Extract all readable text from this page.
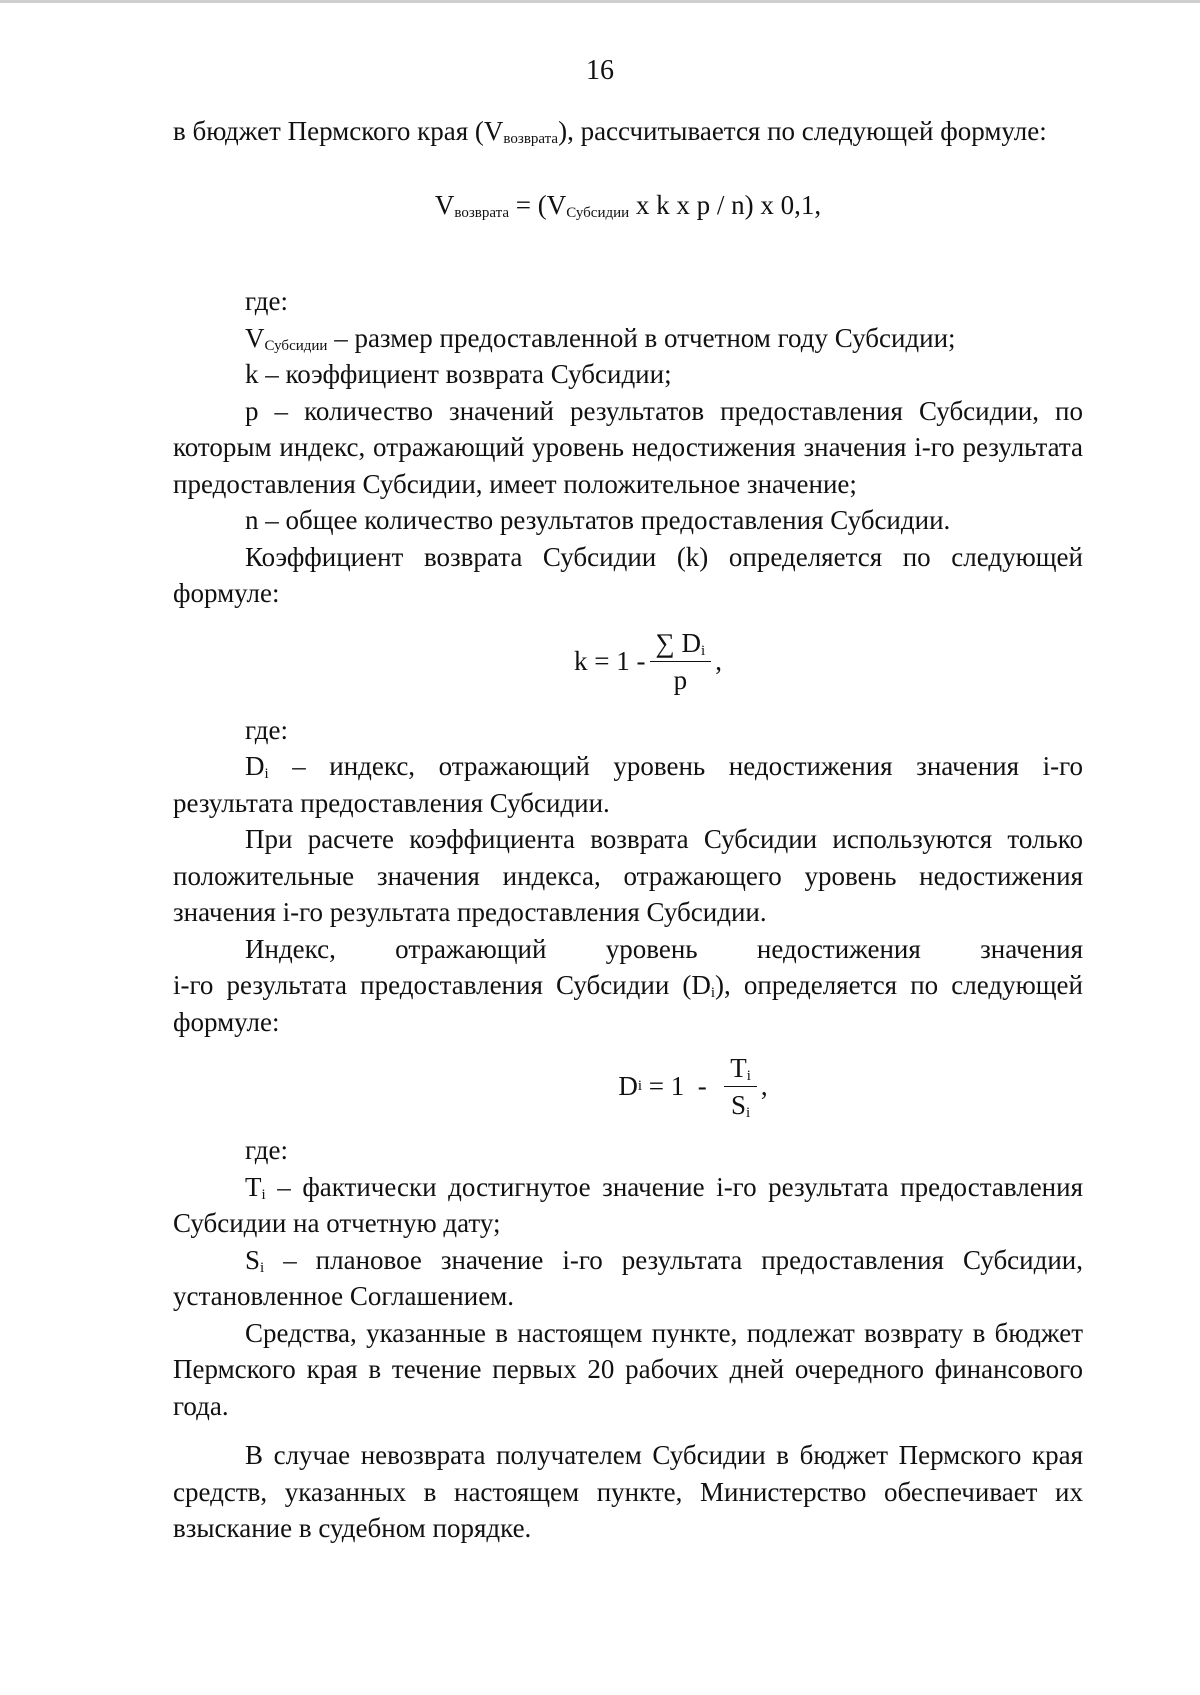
16

в бюджет Пермского края $(V_{возврата})$, рассчитывается по следующей формуле:

$V_{возврата} = (V_{Субсидии}$ x k x p / n) x 0,1,

где:

$V_{Субсидии}$ – размер предоставленной в отчетном году Субсидии;

k – коэффициент возврата Субсидии;

p – количество значений результатов предоставления Субсидии, по которым индекс, отражающий уровень недостижения значения i-го результата предоставления Субсидии, имеет положительное значение;

n – общее количество результатов предоставления Субсидии.

Коэффициент возврата Субсидии (k) определяется по следующей формуле:

$k = 1 - \frac{\sum D_i}{p}$ ,

где:

$D_i$ – индекс, отражающий уровень недостижения значения i-го результата предоставления Субсидии.

При расчете коэффициента возврата Субсидии используются только положительные значения индекса, отражающего уровень недостижения значения i-го результата предоставления Субсидии.

Индекс, отражающий уровень недостижения значения

i-го результата предоставления Субсидии $(D_i)$, определяется по следующей формуле:

D $i = 1 - \frac{T_i}{S_i}$ ,

где:

$T_i$ – фактически достигнутое значение i-го результата предоставления Субсидии на отчетную дату;

$S_i$ – плановое значение i-го результата предоставления Субсидии, установленное Соглашением.

Средства, указанные в настоящем пункте, подлежат возврату в бюджет Пермского края в течение первых 20 рабочих дней очередного финансового года.

В случае невозврата получателем Субсидии в бюджет Пермского края средств, указанных в настоящем пункте, Министерство обеспечивает их взыскание в судебном порядке.
